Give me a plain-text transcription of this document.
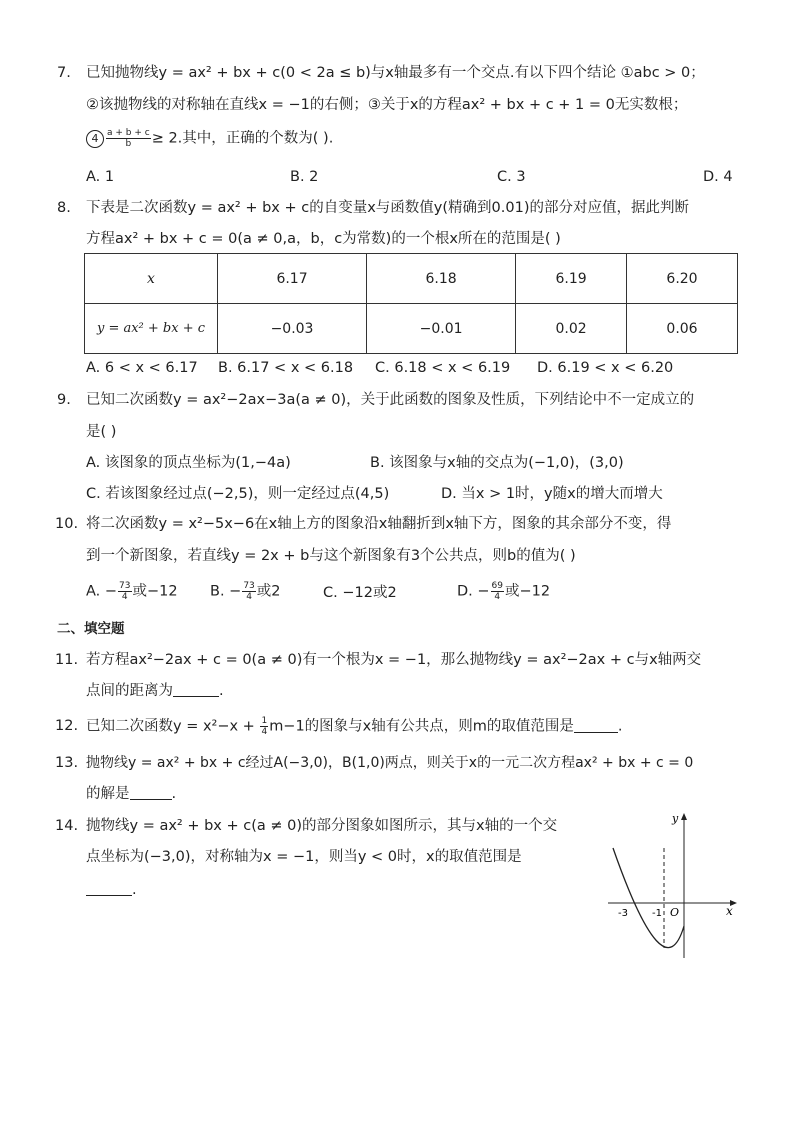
7. 已知抛物线y = ax² + bx + c(0 < 2a ≤ b)与x轴最多有一个交点.有以下四个结论 ①abc > 0；
②该抛物线的对称轴在直线x = −1的右侧；③关于x的方程ax² + bx + c + 1 = 0无实数根；
$4 \frac{a + b + c}{b} \ge 2$.其中，正确的个数为( ).
A. 1	B. 2	C. 3	D. 4
8. 下表是二次函数y = ax² + bx + c的自变量x与函数值y(精确到0.01)的部分对应值，据此判断
方程ax² + bx + c = 0(a ≠ 0,a，b，c为常数)的一个根x所在的范围是( )
x	6.17	6.18	6.19	6.20
y = ax² + bx + c	−0.03	−0.01	0.02	0.06
A. 6 < x < 6.17 B. 6.17 < x < 6.18 C. 6.18 < x < 6.19 D. 6.19 < x < 6.20
9. 已知二次函数y = ax²−2ax−3a(a ≠ 0)，关于此函数的图象及性质，下列结论中不一定成立的
是( )
A. 该图象的顶点坐标为(1,−4a)	B. 该图象与x轴的交点为(−1,0)，(3,0)
C. 若该图象经过点(−2,5)，则一定经过点(4,5)	D. 当x > 1时，y随x的增大而增大
10. 将二次函数y = x²−5x−6在x轴上方的图象沿x轴翻折到x轴下方，图象的其余部分不变，得
到一个新图象，若直线y = 2x + b与这个新图象有3个公共点，则b的值为( )
A. − $\frac{73}{4}$ 或−12 B. − $\frac{73}{4}$ 或2	C. −12或2	D. − $\frac{69}{4}$ 或−12
二、填空题
11. 若方程ax²−2ax + c = 0(a ≠ 0)有一个根为x = −1，那么抛物线y = ax²−2ax + c与x轴两交
点间的距离为	.
12. 已知二次函数$y = x^2-x + \frac{1}{4} m-1$的图象与x轴有公共点，则m的取值范围是	.
13. 抛物线y = ax² + bx + c经过A(−3,0)，B(1,0)两点，则关于x的一元二次方程ax² + bx + c = 0
的解是	.
14. 抛物线y = ax² + bx + c(a ≠ 0)的部分图象如图所示，其与x轴的一个交
点坐标为(−3,0)，对称轴为x = −1，则当y < 0时，x的取值范围是
.
y
x
O
-3 -1
